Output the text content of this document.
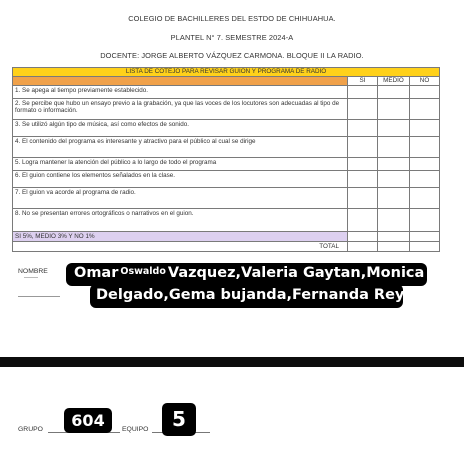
COLEGIO DE BACHILLERES DEL ESTDO DE CHIHUAHUA.
PLANTEL N° 7. SEMESTRE 2024-A
DOCENTE: JORGE ALBERTO VÁZQUEZ CARMONA. BLOQUE II LA RADIO.
LISTA DE COTEJO PARA REVISAR GUION Y PROGRAMA DE RADIO			
	SI	MEDIO	NO
1. Se apega al tiempo previamente establecido.			
2. Se percibe que hubo un ensayo previo a la grabación, ya que las voces de los locutores son adecuadas al tipo de formato o información.			
3. Se utilizó algún tipo de música, así como efectos de sonido.			
4. El contenido del programa es interesante y atractivo para el público al cual se dirige			
5. Logra mantener la atención del público a lo largo de todo el programa			
6. El guion contiene los elementos señalados en la clase.			
7. El guion va acorde al programa de radio.			
8. No se presentan errores ortográficos o narrativos en el guion.			
SI 5%, MEDIO 3% Y NO 1%			
TOTAL			
NOMBRE	Omar $^{Oswaldo}$ Vazquez,Valeria Gaytan,Monica
Delgado,Gema bujanda,Fernanda Reyes
GRUPO	604	EQUIPO	5
